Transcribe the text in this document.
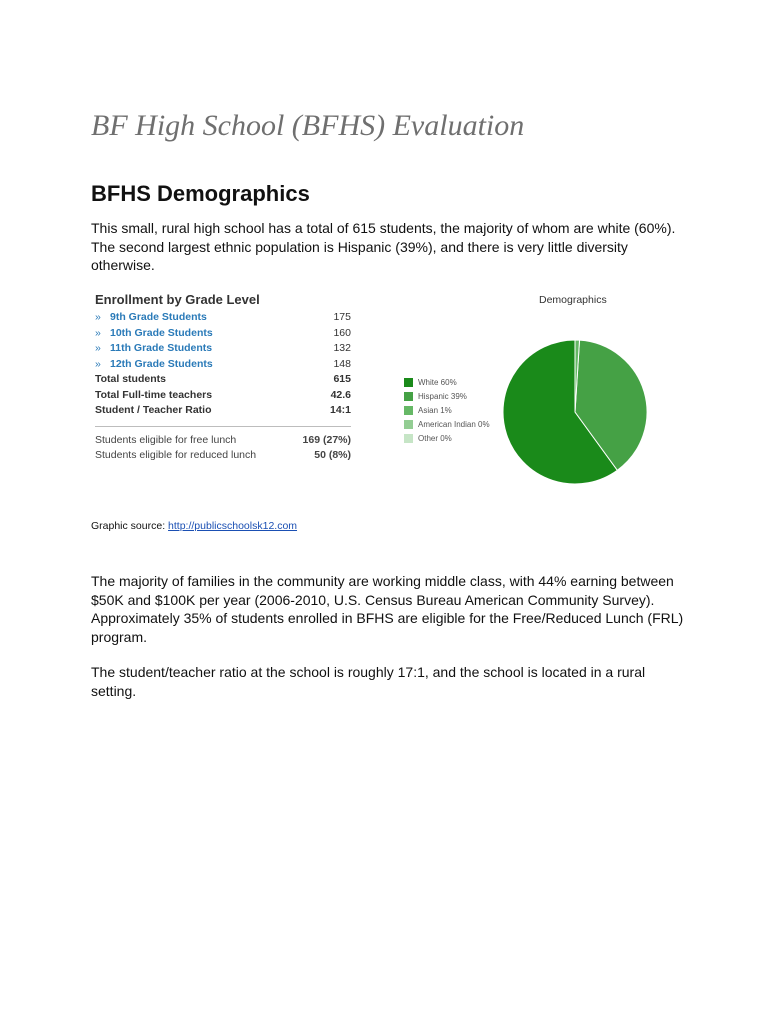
BF High School (BFHS) Evaluation
BFHS Demographics

This small, rural high school has a total of 615 students, the majority of whom are white (60%). The second largest ethnic population is Hispanic (39%), and there is very little diversity otherwise.

Enrollment by Grade Level
» 9th Grade Students	175
» 10th Grade Students	160
» 11th Grade Students	132
» 12th Grade Students	148
Total students	615
Total Full-time teachers	42.6
Student / Teacher Ratio	14:1
Students eligible for free lunch	169 (27%)
Students eligible for reduced lunch	50 (8%)
Demographics
White 60%
Hispanic 39%
Asian 1%
American Indian 0%
Other 0%
Graphic source: http://publicschoolsk12.com

The majority of families in the community are working middle class, with 44% earning between $50K and $100K per year (2006-2010, U.S. Census Bureau American Community Survey). Approximately 35% of students enrolled in BFHS are eligible for the Free/Reduced Lunch (FRL) program.

The student/teacher ratio at the school is roughly 17:1, and the school is located in a rural setting.
